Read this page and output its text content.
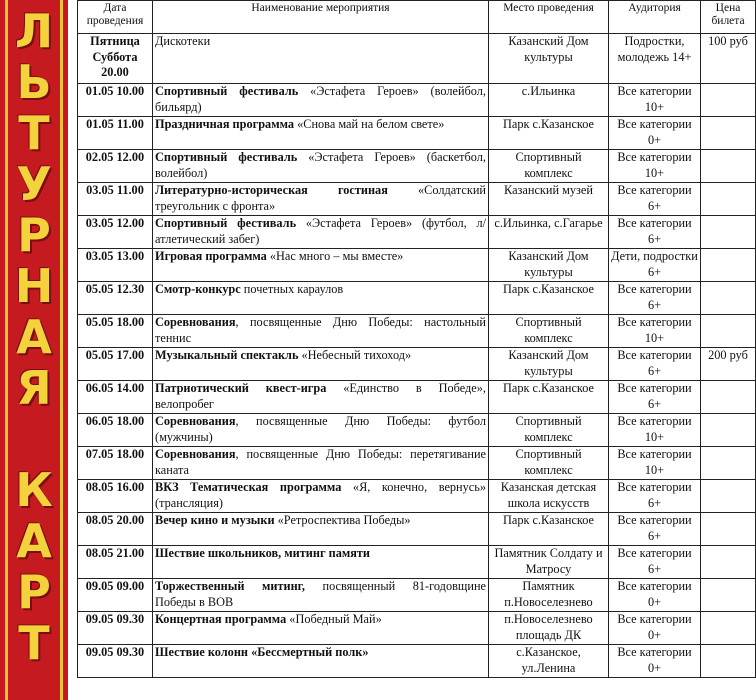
Л
Ь
Т
У
Р
Н
А
Я
К
А
Р
Т
Дата проведения	Наименование мероприятия	Место проведения	Аудитория	Цена билета
Пятница Суббота 20.00	Дискотеки	Казанский Дом культуры	Подростки, молодежь 14+	100 руб
01.05 10.00	Спортивный фестиваль «Эстафета Героев» (волейбол, бильярд)	с.Ильинка	Все категории 10+	
01.05 11.00	Праздничная программа «Снова май на белом свете»	Парк с.Казанское	Все категории 0+	
02.05 12.00	Спортивный фестиваль «Эстафета Героев» (баскетбол, волейбол)	Спортивный комплекс	Все категории 10+	
03.05 11.00	Литературно-историческая гостиная «Солдатский треугольник с фронта»	Казанский музей	Все категории 6+	
03.05 12.00	Спортивный фестиваль «Эстафета Героев» (футбол, л/атлетический забег)	с.Ильинка, с.Гагарье	Все категории 6+	
03.05 13.00	Игровая программа «Нас много – мы вместе»	Казанский Дом культуры	Дети, подростки 6+	
05.05 12.30	Смотр-конкурс почетных караулов	Парк с.Казанское	Все категории 6+	
05.05 18.00	Соревнования, посвященные Дню Победы: настольный теннис	Спортивный комплекс	Все категории 10+	
05.05 17.00	Музыкальный спектакль «Небесный тихоход»	Казанский Дом культуры	Все категории 6+	200 руб
06.05 14.00	Патриотический квест-игра «Единство в Победе», велопробег	Парк с.Казанское	Все категории 6+	
06.05 18.00	Соревнования, посвященные Дню Победы: футбол (мужчины)	Спортивный комплекс	Все категории 10+	
07.05 18.00	Соревнования, посвященные Дню Победы: перетягивание каната	Спортивный комплекс	Все категории 10+	
08.05 16.00	ВКЗ Тематическая программа «Я, конечно, вернусь» (трансляция)	Казанская детская школа искусств	Все категории 6+	
08.05 20.00	Вечер кино и музыки «Ретроспектива Победы»	Парк с.Казанское	Все категории 6+	
08.05 21.00	Шествие школьников, митинг памяти	Памятник Солдату и Матросу	Все категории 6+	
09.05 09.00	Торжественный митинг, посвященный 81-годовщине Победы в ВОВ	Памятник п.Новоселезнево	Все категории 0+	
09.05 09.30	Концертная программа «Победный Май»	п.Новоселезнево площадь ДК	Все категории 0+	
09.05 09.30	Шествие колонн «Бессмертный полк»	с.Казанское, ул.Ленина	Все категории 0+	
